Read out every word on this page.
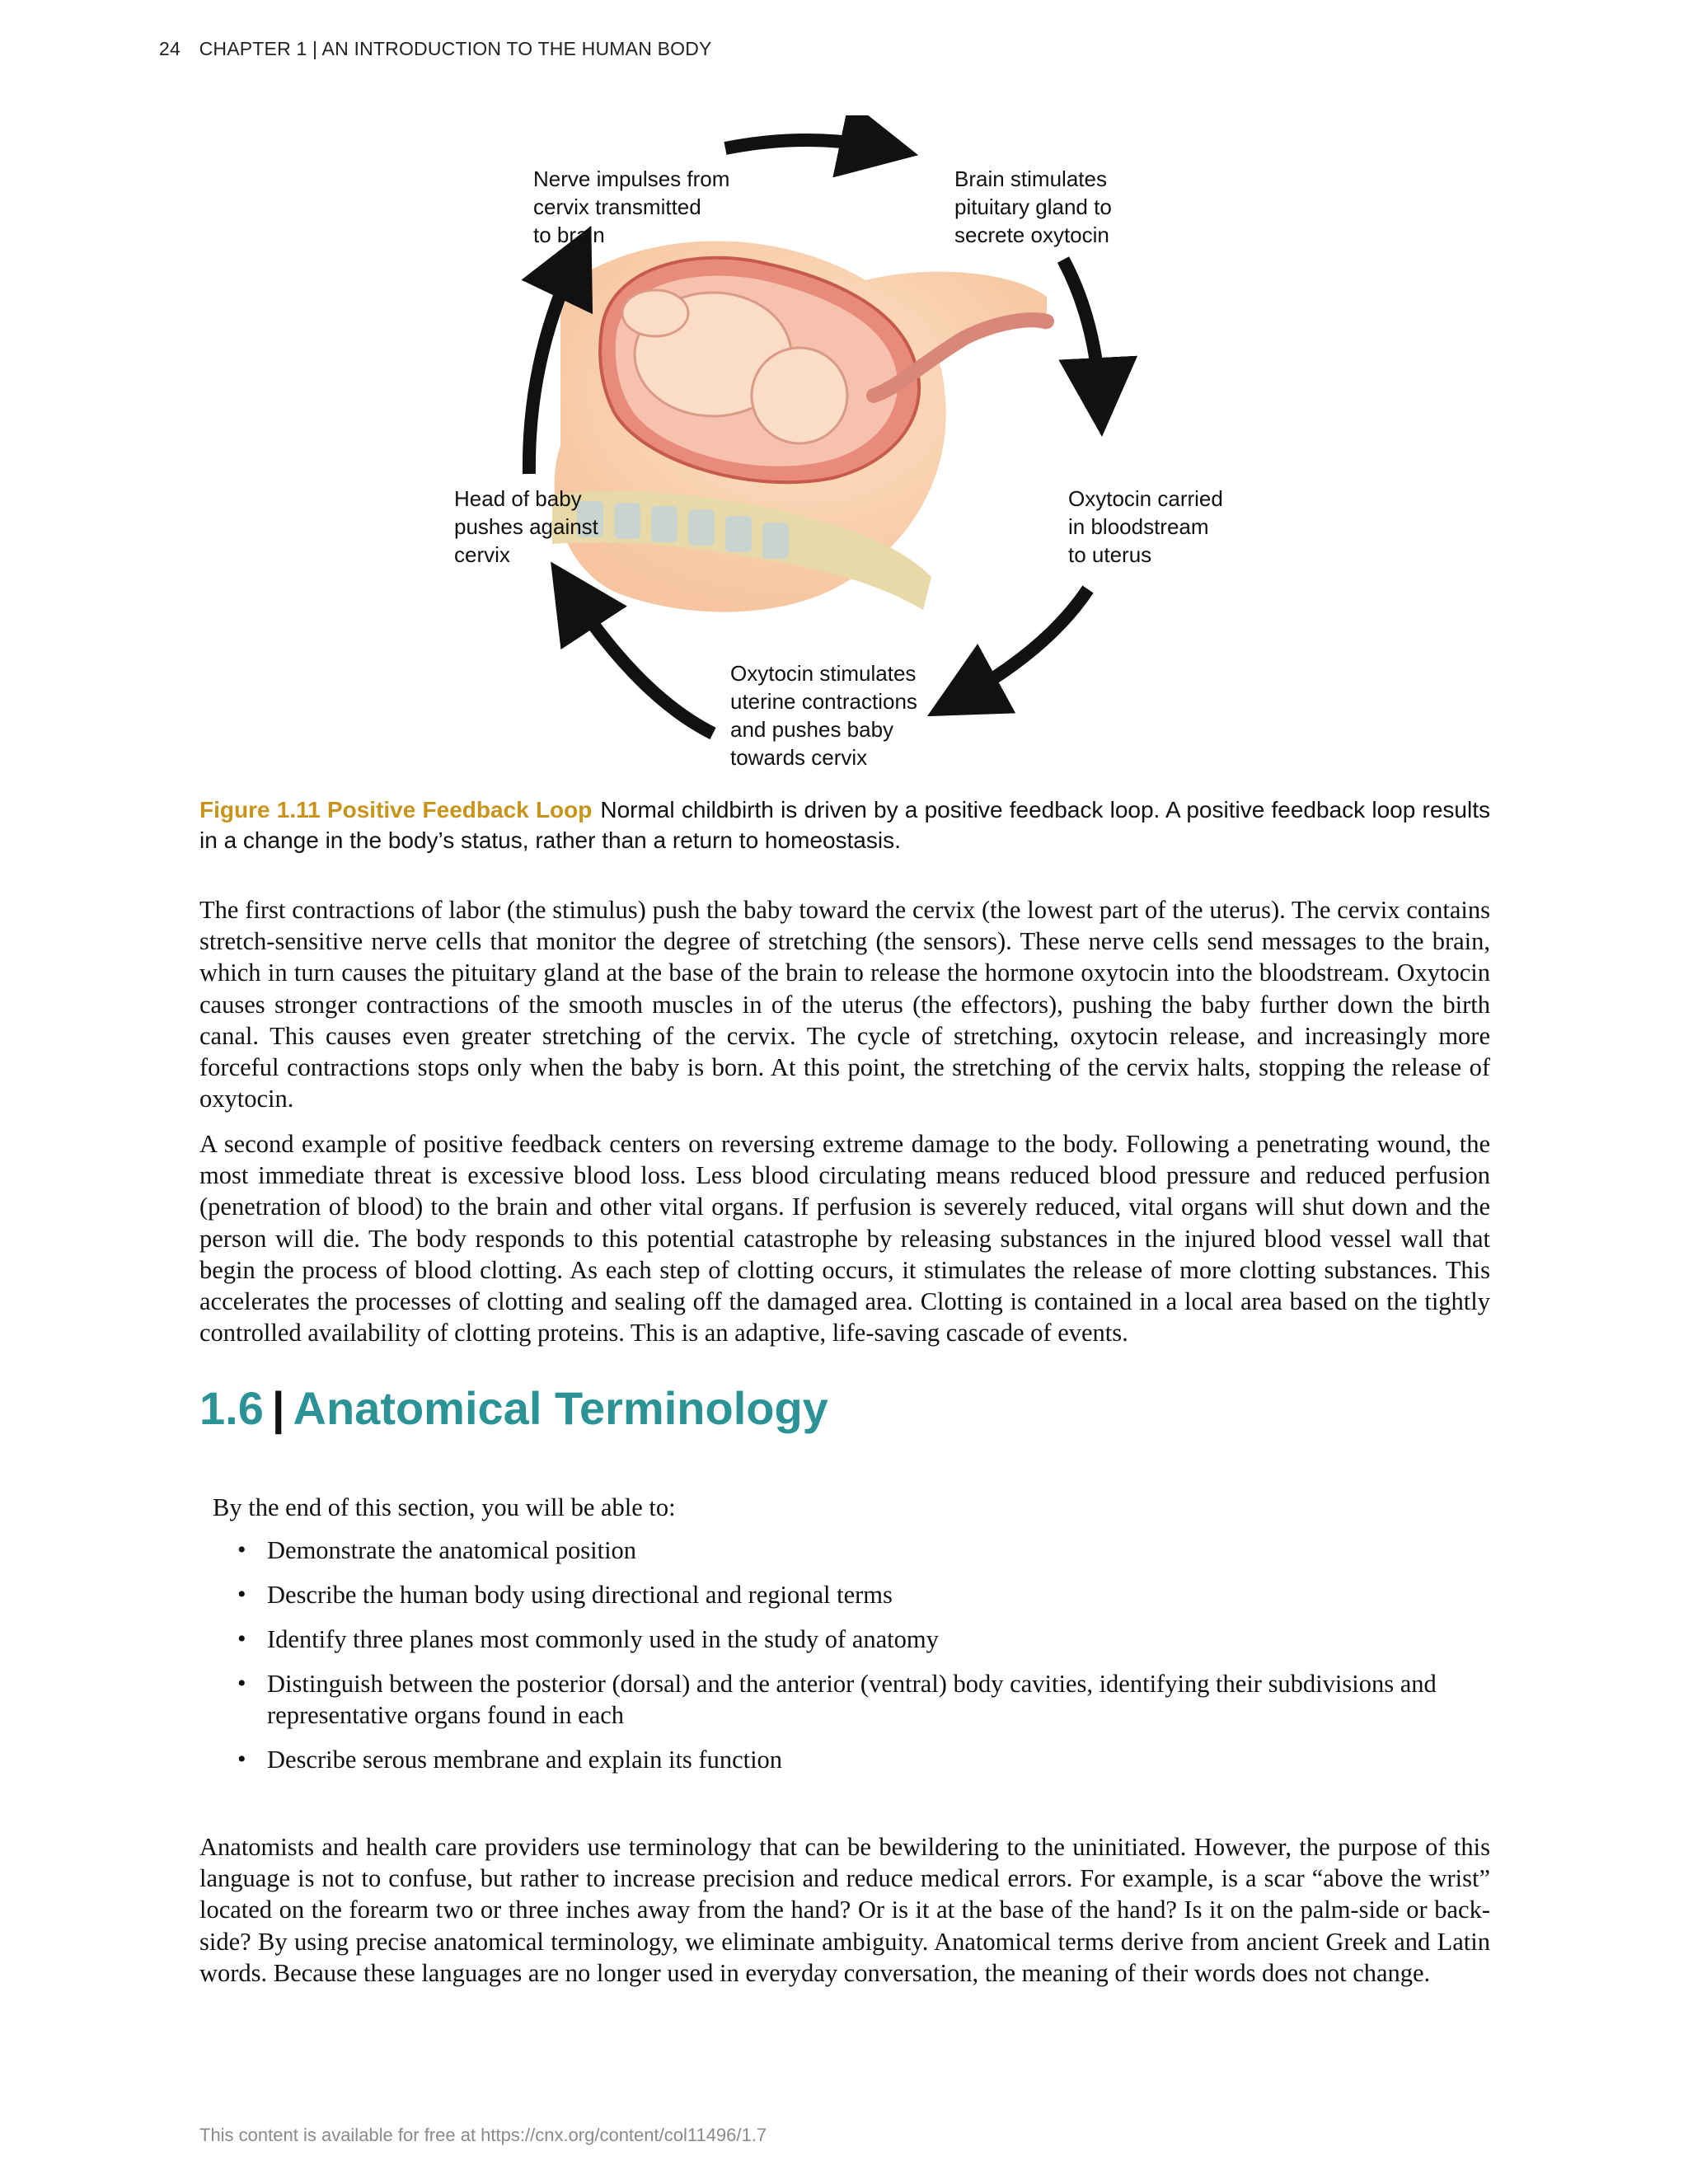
24 CHAPTER 1 | AN INTRODUCTION TO THE HUMAN BODY
Nerve impulses from
cervix transmitted
to brain
Brain stimulates
pituitary gland to
secrete oxytocin
Oxytocin carried
in bloodstream
to uterus
Oxytocin stimulates
uterine contractions
and pushes baby
towards cervix
Head of baby
pushes against
cervix
Figure 1.11 Positive Feedback Loop Normal childbirth is driven by a positive feedback loop. A positive feedback loop results in a change in the body’s status, rather than a return to homeostasis.

The first contractions of labor (the stimulus) push the baby toward the cervix (the lowest part of the uterus). The cervix contains stretch-sensitive nerve cells that monitor the degree of stretching (the sensors). These nerve cells send messages to the brain, which in turn causes the pituitary gland at the base of the brain to release the hormone oxytocin into the bloodstream. Oxytocin causes stronger contractions of the smooth muscles in of the uterus (the effectors), pushing the baby further down the birth canal. This causes even greater stretching of the cervix. The cycle of stretching, oxytocin release, and increasingly more forceful contractions stops only when the baby is born. At this point, the stretching of the cervix halts, stopping the release of oxytocin.

A second example of positive feedback centers on reversing extreme damage to the body. Following a penetrating wound, the most immediate threat is excessive blood loss. Less blood circulating means reduced blood pressure and reduced perfusion (penetration of blood) to the brain and other vital organs. If perfusion is severely reduced, vital organs will shut down and the person will die. The body responds to this potential catastrophe by releasing substances in the injured blood vessel wall that begin the process of blood clotting. As each step of clotting occurs, it stimulates the release of more clotting substances. This accelerates the processes of clotting and sealing off the damaged area. Clotting is contained in a local area based on the tightly controlled availability of clotting proteins. This is an adaptive, life-saving cascade of events.

1.6 | Anatomical Terminology

By the end of this section, you will be able to:

• Demonstrate the anatomical position
• Describe the human body using directional and regional terms
• Identify three planes most commonly used in the study of anatomy
• Distinguish between the posterior (dorsal) and the anterior (ventral) body cavities, identifying their subdivisions and representative organs found in each
• Describe serous membrane and explain its function

Anatomists and health care providers use terminology that can be bewildering to the uninitiated. However, the purpose of this language is not to confuse, but rather to increase precision and reduce medical errors. For example, is a scar “above the wrist” located on the forearm two or three inches away from the hand? Or is it at the base of the hand? Is it on the palm-side or back-side? By using precise anatomical terminology, we eliminate ambiguity. Anatomical terms derive from ancient Greek and Latin words. Because these languages are no longer used in everyday conversation, the meaning of their words does not change.

This content is available for free at https://cnx.org/content/col11496/1.7
